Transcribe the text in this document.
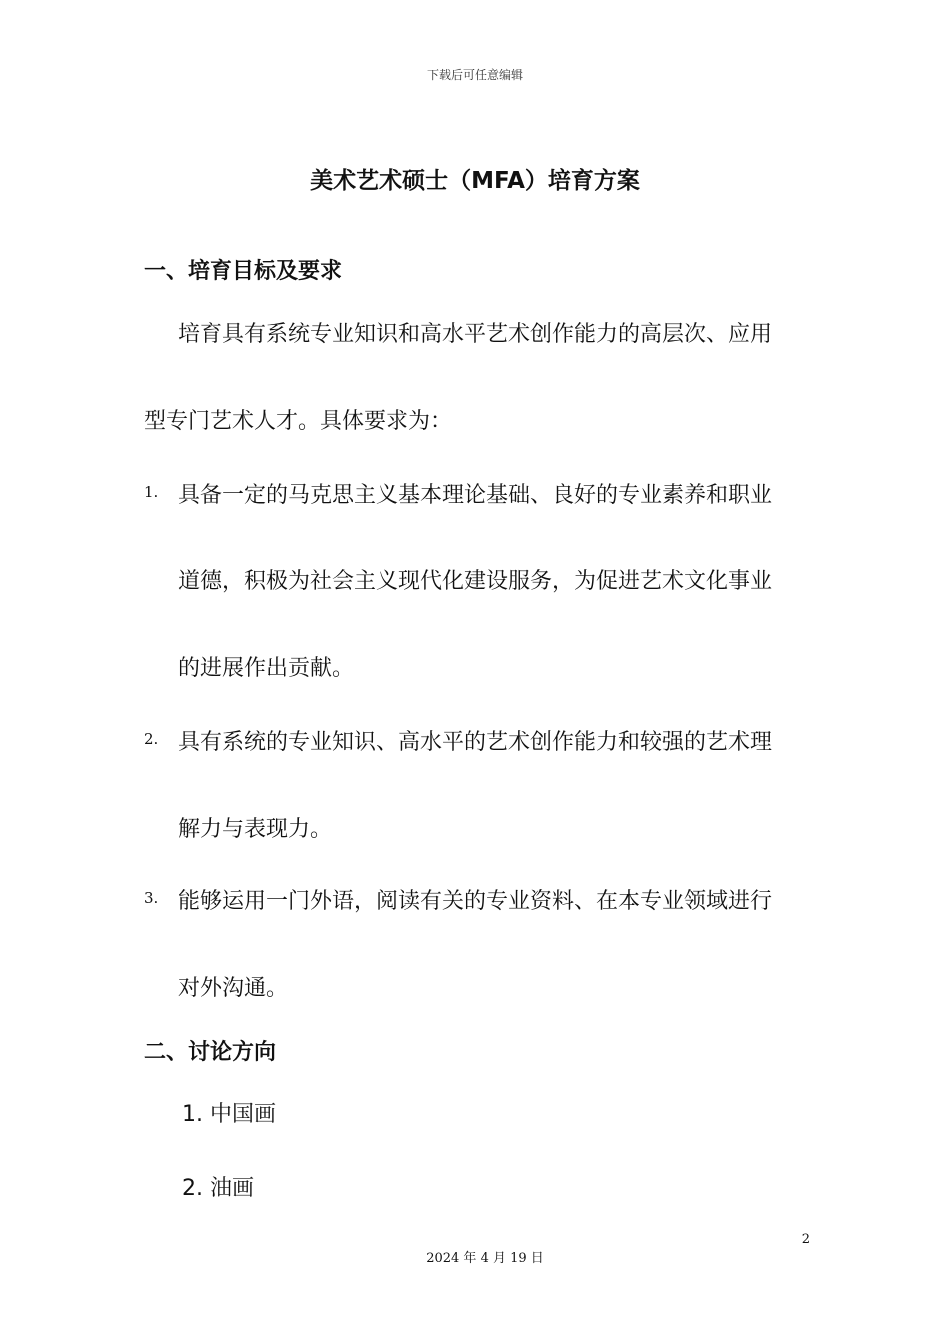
下载后可任意编辑
美术艺术硕士（MFA）培育方案
一、培育目标及要求
培育具有系统专业知识和高水平艺术创作能力的高层次、应用
型专门艺术人才。具体要求为：
1. 具备一定的马克思主义基本理论基础、良好的专业素养和职业
道德，积极为社会主义现代化建设服务，为促进艺术文化事业
的进展作出贡献。
2. 具有系统的专业知识、高水平的艺术创作能力和较强的艺术理
解力与表现力。
3. 能够运用一门外语，阅读有关的专业资料、在本专业领域进行
对外沟通。
二、讨论方向
1. 中国画
2. 油画
2
2024 年 4 月 19 日
